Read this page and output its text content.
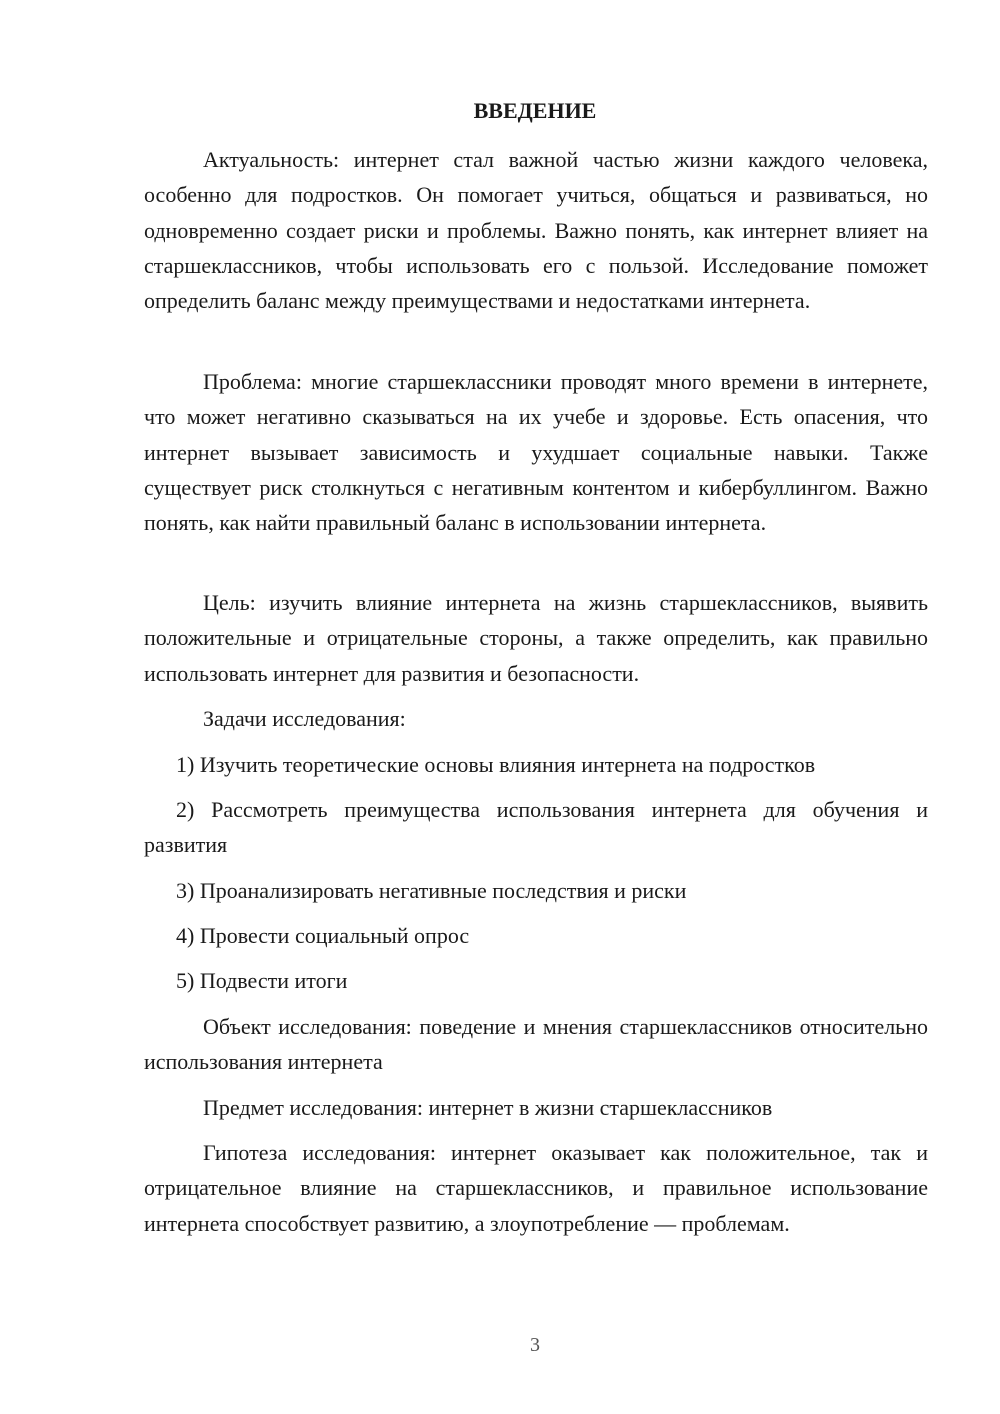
ВВЕДЕНИЕ

Актуальность: интернет стал важной частью жизни каждого человека, особенно для подростков. Он помогает учиться, общаться и развиваться, но одновременно создает риски и проблемы. Важно понять, как интернет влияет на старшеклассников, чтобы использовать его с пользой. Исследование поможет определить баланс между преимуществами и недостатками интернета.

Проблема: многие старшеклассники проводят много времени в интернете, что может негативно сказываться на их учебе и здоровье. Есть опасения, что интернет вызывает зависимость и ухудшает социальные навыки. Также существует риск столкнуться с негативным контентом и кибербуллингом. Важно понять, как найти правильный баланс в использовании интернета.

Цель: изучить влияние интернета на жизнь старшеклассников, выявить положительные и отрицательные стороны, а также определить, как правильно использовать интернет для развития и безопасности.

Задачи исследования:

1) Изучить теоретические основы влияния интернета на подростков

2) Рассмотреть преимущества использования интернета для обучения и развития

3) Проанализировать негативные последствия и риски

4) Провести социальный опрос

5) Подвести итоги

Объект исследования: поведение и мнения старшеклассников относительно использования интернета

Предмет исследования: интернет в жизни старшеклассников

Гипотеза исследования: интернет оказывает как положительное, так и отрицательное влияние на старшеклассников, и правильное использование интернета способствует развитию, а злоупотребление — проблемам.

3
